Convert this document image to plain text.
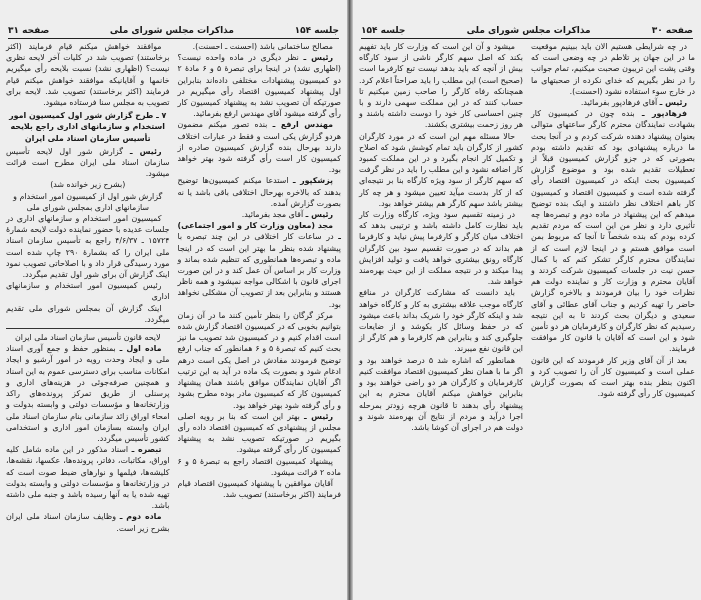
جلسه ۱۵۴
مذاکرات مجلس شورای ملی
صفحه ۳۱

مصالح ساختمانی باشد (احسنت ـ احسنت).

رئیس ـ نظر دیگری در ماده واحده نیست؟ (اظهاری نشد) در اینجا برای تبصرهٔ ۵ و ۶ مادهٔ ۲ دو کمیسیون پیشنهادات مختلفی داده‌اند بنابراین اول پیشنهاد کمیسیون اقتصاد رأی میگیریم در صورتیکه آن تصویب نشد به پیشنهاد کمیسیون کار رأی گرفته میشود آقای مهندس ارفع بفرمائید.

مهندس ارفع ـ بنده تصور میکنم مضمون هردو گزارش یکی است و فقط در عبارات اختلاف دارند بهرحال بنده گزارش کمیسیون صادره از کمیسیون کار است رأی گرفته شود بهتر خواهد بود.

پزشکپور ـ استدعا میکنم کمیسیون‌ها توضیح بدهند که بالاخره بهرحال اختلافی باقی باشد یا نه بصورت گزارش آمده.

رئیس ـ آقای مجد بفرمائید.

مجد (معاون وزارت کار و امور اجتماعی) ـ در ساعات کار اختلافی در این چند تبصره با پیشنهاد شده بنظر ما بهتر این است که در اینجا ماده و تبصره‌ها همانطوری که تنظیم شده بماند و وزارت کار بر اساس آن عمل کند و در این صورت اجرای قانون با اشکالی مواجه نمیشود و همه ناظر هستند و بنابراین بعد از تصویب آن مشکلی نخواهد بود.

مرکز گرگان را بنظر تأمین کنند ما در آن زمان بتوانیم بخوبی که در کمیسیون اقتصاد گزارش شده است اقدام کنیم و در کمیسیون شد تصویب ما نیز بحث کنیم که تبصرهٔ ۵ و ۶ همانطور که جناب ارفع توضیح فرمودند مفادش در اصل یکی است درهم ادغام شود و بصورت یک ماده در آید به این ترتیب اگر آقایان نمایندگان موافق باشند همان پیشنهاد کمیسیون کار که کمیسیون مادر بوده مطرح بشود و رأی گرفته شود بهتر خواهد بود.

رئیس ـ بهتر این است که بنا بر رویه اصلی مجلس از پیشنهادی که کمیسیون اقتصاد داده رأی بگیریم در صورتیکه تصویب نشد به پیشنهاد کمیسیون کار رأی گرفته میشود.

پیشنهاد کمیسیون اقتصاد راجع به تبصرهٔ ۵ و ۶ ماده ۲ قرائت میشود.

آقایان موافقین با پیشنهاد کمیسیون اقتصاد قیام فرمایند (اکثر برخاستند) تصویب شد.

موافقند خواهش میکنم قیام فرمایند (اکثر برخاستند) تصویب شد در کلیات آخر لایحه نظری نیست؟ (اظهاری نشد) نسبت بلایحه رأی میگیریم خانمها و آقایانیکه موافقند خواهش میکنم قیام فرمایند (اکثر برخاستند) تصویب شد. لایحه برای تصویب به مجلس سنا فرستاده میشود.

۷ ـ طرح گزارش شور اول کمیسیون امور استخدام و سازمانهای اداری راجع بلایحه تأسیس سازمان اسناد ملی ایران

رئیس ـ گزارش شور اول لایحه تأسیس سازمان اسناد ملی ایران مطرح است قرائت میشود.

(بشرح زیر خوانده شد)

گزارش شور اول از کمیسیون امور استخدام و سازمانهای اداری بمجلس شورای ملی

کمیسیون امور استخدام و سازمانهای اداری در جلسات عدیده با حضور نماینده دولت لایحه شمارهٔ ۱۵۷۲۴ ـ ۴/۶/۳۷ راجع به تأسیس سازمان اسناد ملی ایران را که بشمارهٔ ۲۹۰ چاپ شده است مورد رسیدگی قرار داد و با اصلاحاتی تصویب نمود اینک گزارش آن برای شور اول تقدیم میگردد.

رئیس کمیسیون امور استخدام و سازمانهای اداری

اینک گزارش آن بمجلس شورای ملی تقدیم میگردد.

لایحه قانون تأسیس سازمان اسناد ملی ایران

ماده اول ـ بمنظور حفظ و جمع آوری اسناد ملی و ایجاد وحدت رویه در امور آرشیو و ایجاد امکانات مناسب برای دسترسی عموم به این اسناد و همچنین صرفه‌جوئی در هزینه‌های اداری و پرسنلی از طریق تمرکز پرونده‌های راکد وزارتخانه‌ها و مؤسسات دولتی و وابسته بدولت و امحاء اوراق زائد سازمانی بنام سازمان اسناد ملی ایران وابسته بسازمان امور اداری و استخدامی کشور تأسیس میگردد.

تبصره ـ اسناد مذکور در این ماده شامل کلیه اوراق، مکاتبات، دفاتر، پرونده‌ها، عکسها، نقشه‌ها، کلیشه‌ها، فیلمها و نوارهای ضبط صوت است که در وزارتخانه‌ها و مؤسسات دولتی و وابسته بدولت تهیه شده یا به آنها رسیده باشد و جنبه ملی داشته باشد.

ماده دوم ـ وظایف سازمان اسناد ملی ایران بشرح زیر است.

صفحه ۳۰
مذاکرات مجلس شورای ملی
جلسه ۱۵۴

در چه شرایطی هستیم الان باید ببینیم موقعیت ما در این جهان پر تلاطم در چه وضعی است که وقتی پشت این تریبون صحبت میکنیم، تمام جوانب را در نظر بگیریم که خدای نکرده از صحبتهای ما در خارج سوء استفاده نشود (احسنت).

رئیس ـ آقای فرهادپور بفرمائید.

فرهادپور ـ بنده چون در کمیسیون کار بشهادت نمایندگان محترم کارگر ساعتهای متوالی بعنوان پیشنهاد دهنده شرکت کردم و در آنجا بحث ما درباره پیشنهادی بود که تقدیم داشته بودم بصورتی که در جزو گزارش کمیسیون قبلاً از تعطیلات تقدیم شده بود و موضوع گزارش کمیسیون بحث اینکه در کمیسیون اقتصاد رأی گرفته شده است و کمیسیون اقتصاد و کمیسیون کار باهم اختلاف نظر داشتند و اینک بنده توضیح میدهم که این پیشنهاد در ماده دوم و تبصره‌ها چه تأثیری دارد و نظر من این است که مردم تقدیم کرده بودم که بنده شخصاً تا آنجا که مربوط بمن است موافق هستم و در اینجا لازم است که از نمایندگان محترم کارگر تشکر کنم که با کمال حسن نیت در جلسات کمیسیون شرکت کردند و آقایان محترم و وزارت کار و نماینده دولت هم نظرات خود را بیان فرمودند و بالاخره گزارش حاضر را تهیه کردیم و جناب آقای عطائی و آقای سعیدی و دیگران بحث کردند تا به این نتیجه رسیدیم که نظر کارگران و کارفرمایان هر دو تأمین شود و این است که آقایان با قانون کار موافقت فرمایند.

بعد از آن آقای وزیر کار فرمودند که این قانون عملی است و کمیسیون کار آن را تصویب کرد و اکنون بنظر بنده بهتر است که بصورت گزارش کمیسیون کار رأی گرفته شود.

میشود و آن این است که وزارت کار باید تفهیم بکند که اصل سهم کارگر ناشی از سود کارگاه بیش از آنچه که باید بدهد نیست تبع کارفرما است (صحیح است) این مطلب را باید صراحتاً اعلام کرد. همچنانکه رفاه کارگر را صاحب زمین میکنیم تا حساب کنند که در این مملکت سهمی دارند و با چنین احساسی کار خود را دوست داشته باشند و هر روز زحمت بیشتری بکشند.

حالا مسئله مهم این است که در مورد کارگران کشور از کارگران باید تمام کوشش شود که اصلاح و تکمیل کار انجام بگیرد و در این مملکت کمبود کار اضافه نشود و این مطلب را باید در نظر گرفت که سهم کارگر از سود ویژه کارگاه بنا بر نتیجه‌ای که از کار بدست میآید تعیین میشود و هر چه کار بیشتر باشد سهم کارگر هم بیشتر خواهد بود.

در زمینه تقسیم سود ویژه، کارگاه وزارت کار باید نظارت کامل داشته باشد و ترتیبی بدهد که اختلاف میان کارگر و کارفرما پیش نیاید و کارفرما هم بداند که در صورت تقسیم سود بین کارگران کارگاه رونق بیشتری خواهد یافت و تولید افزایش پیدا میکند و در نتیجه مملکت از این حیث بهره‌مند خواهد شد.

باید دانست که مشارکت کارگران در منافع کارگاه موجب علاقه بیشتری به کار و کارگاه خواهد شد و اینکه کارگر خود را شریک بداند باعث میشود که در حفظ وسائل کار بکوشد و از ضایعات جلوگیری کند و بنابراین هم کارفرما و هم کارگر از این قانون نفع میبرند.

همانطور که اشاره شد ۵ درصد خواهند بود و اگر ما با همان نظر کمیسیون اقتصاد موافقت کنیم کارفرمایان و کارگران هر دو راضی خواهند بود و بنابراین خواهش میکنم آقایان محترم به این پیشنهاد رأی بدهند تا قانون هرچه زودتر بمرحله اجرا درآید و مردم از نتایج آن بهره‌مند شوند و دولت هم در اجرای آن کوشا باشد.
